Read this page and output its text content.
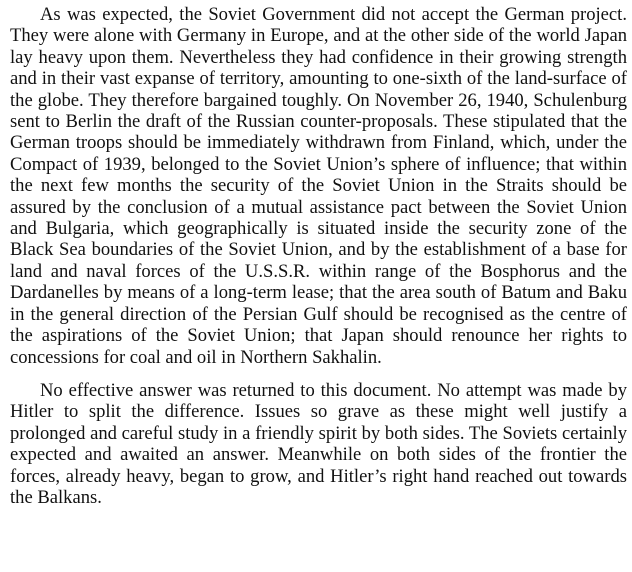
As was expected, the Soviet Government did not accept the German project. They were alone with Germany in Europe, and at the other side of the world Japan lay heavy upon them. Nevertheless they had confidence in their growing strength and in their vast expanse of territory, amounting to one-sixth of the land-surface of the globe. They therefore bargained toughly. On November 26, 1940, Schulenburg sent to Berlin the draft of the Russian counter-proposals. These stipulated that the German troops should be immediately withdrawn from Finland, which, under the Compact of 1939, belonged to the Soviet Union’s sphere of influence; that within the next few months the security of the Soviet Union in the Straits should be assured by the conclusion of a mutual assistance pact between the Soviet Union and Bulgaria, which geographically is situated inside the security zone of the Black Sea boundaries of the Soviet Union, and by the establishment of a base for land and naval forces of the U.S.S.R. within range of the Bosphorus and the Dardanelles by means of a long-term lease; that the area south of Batum and Baku in the general direction of the Persian Gulf should be recognised as the centre of the aspirations of the Soviet Union; that Japan should renounce her rights to concessions for coal and oil in Northern Sakhalin.

No effective answer was returned to this document. No attempt was made by Hitler to split the difference. Issues so grave as these might well justify a prolonged and careful study in a friendly spirit by both sides. The Soviets certainly expected and awaited an answer. Meanwhile on both sides of the frontier the forces, already heavy, began to grow, and Hitler’s right hand reached out towards the Balkans.
